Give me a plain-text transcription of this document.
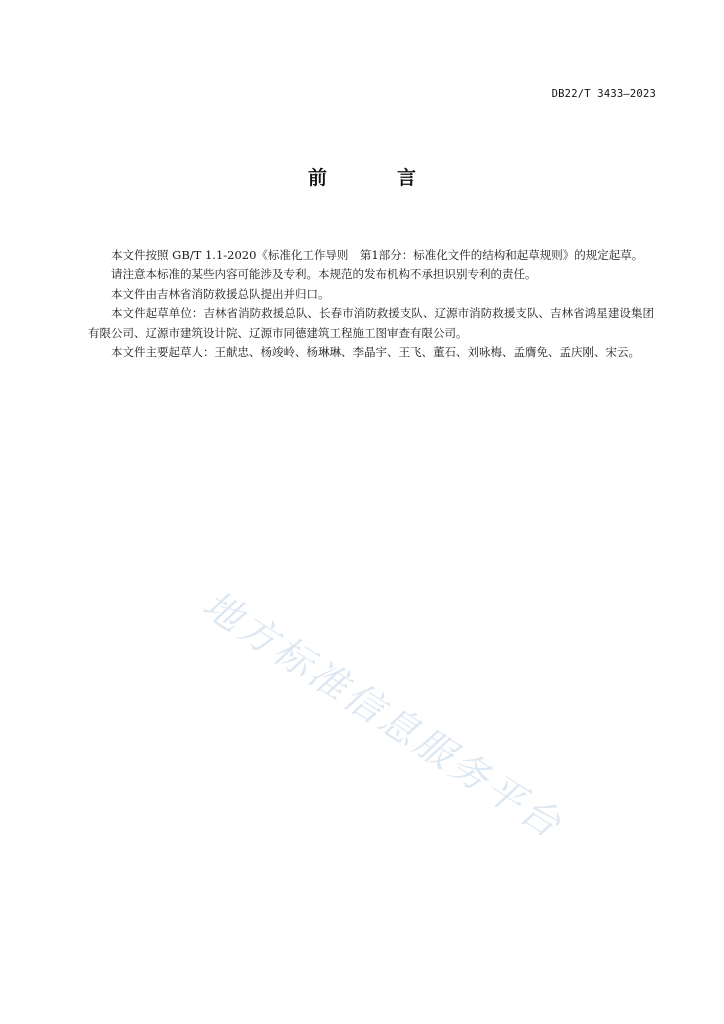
DB22/T 3433—2023
前	言

本文件按照 GB/T 1.1-2020《标准化工作导则　第1部分：标准化文件的结构和起草规则》的规定起草。

请注意本标准的某些内容可能涉及专利。本规范的发布机构不承担识别专利的责任。

本文件由吉林省消防救援总队提出并归口。

本文件起草单位：吉林省消防救援总队、长春市消防救援支队、辽源市消防救援支队、吉林省鸿星建设集团有限公司、辽源市建筑设计院、辽源市同德建筑工程施工图审查有限公司。

本文件主要起草人：王献忠、杨竣岭、杨琳琳、李晶宇、王飞、董石、刘咏梅、孟膺免、孟庆刚、宋云。

地方标准信息服务平台
